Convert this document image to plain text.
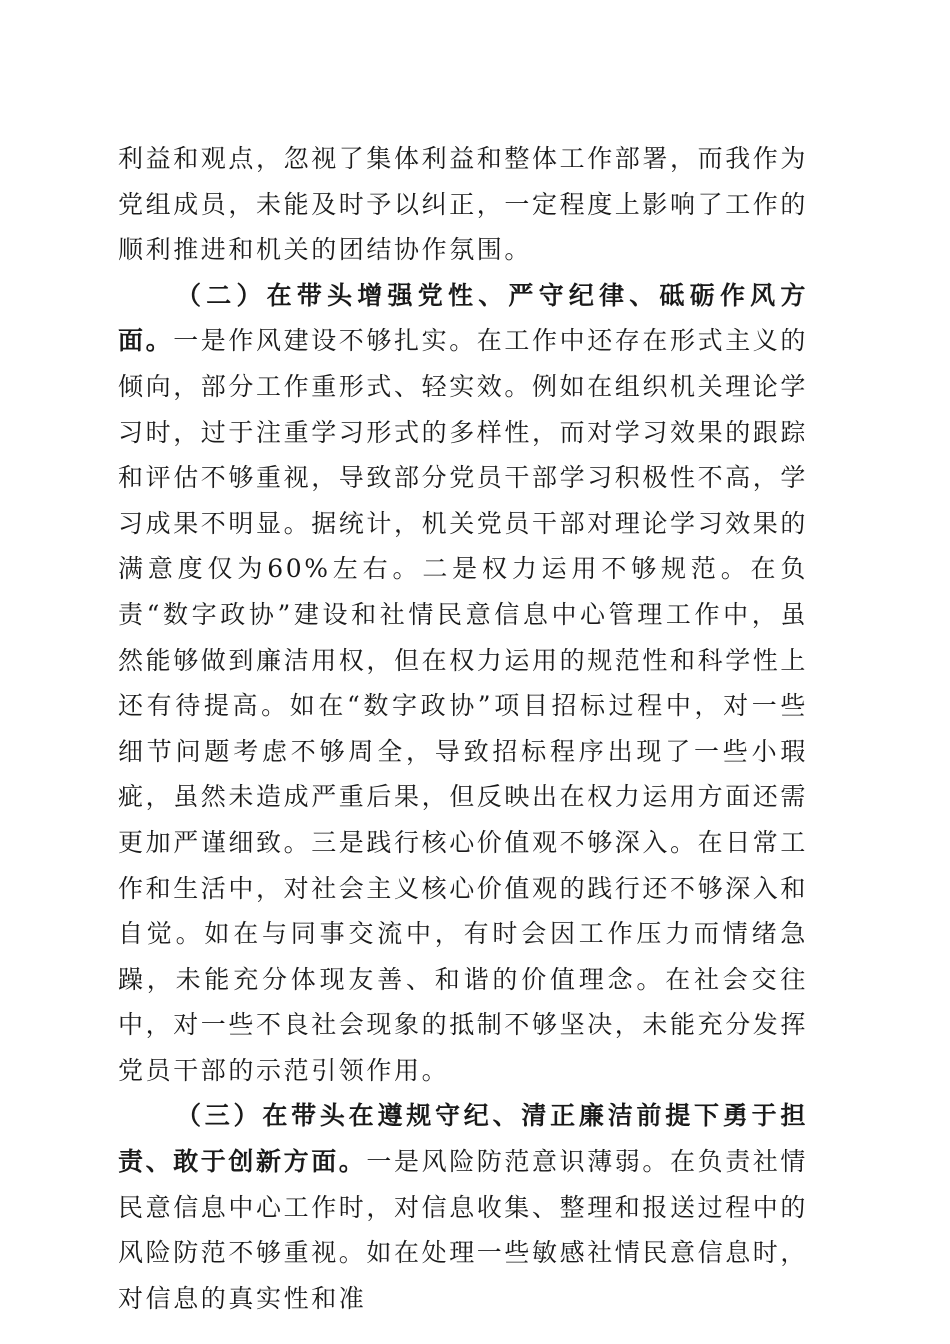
利益和观点，忽视了集体利益和整体工作部署，而我作为党组成员，未能及时予以纠正，一定程度上影响了工作的顺利推进和机关的团结协作氛围。

（二）在带头增强党性、严守纪律、砥砺作风方面。一是作风建设不够扎实。在工作中还存在形式主义的倾向，部分工作重形式、轻实效。例如在组织机关理论学习时，过于注重学习形式的多样性，而对学习效果的跟踪和评估不够重视，导致部分党员干部学习积极性不高，学习成果不明显。据统计，机关党员干部对理论学习效果的满意度仅为60%左右。二是权力运用不够规范。在负责“数字政协”建设和社情民意信息中心管理工作中，虽然能够做到廉洁用权，但在权力运用的规范性和科学性上还有待提高。如在“数字政协”项目招标过程中，对一些细节问题考虑不够周全，导致招标程序出现了一些小瑕疵，虽然未造成严重后果，但反映出在权力运用方面还需更加严谨细致。三是践行核心价值观不够深入。在日常工作和生活中，对社会主义核心价值观的践行还不够深入和自觉。如在与同事交流中，有时会因工作压力而情绪急躁，未能充分体现友善、和谐的价值理念。在社会交往中，对一些不良社会现象的抵制不够坚决，未能充分发挥党员干部的示范引领作用。

（三）在带头在遵规守纪、清正廉洁前提下勇于担责、敢于创新方面。一是风险防范意识薄弱。在负责社情民意信息中心工作时，对信息收集、整理和报送过程中的风险防范不够重视。如在处理一些敏感社情民意信息时，对信息的真实性和准
